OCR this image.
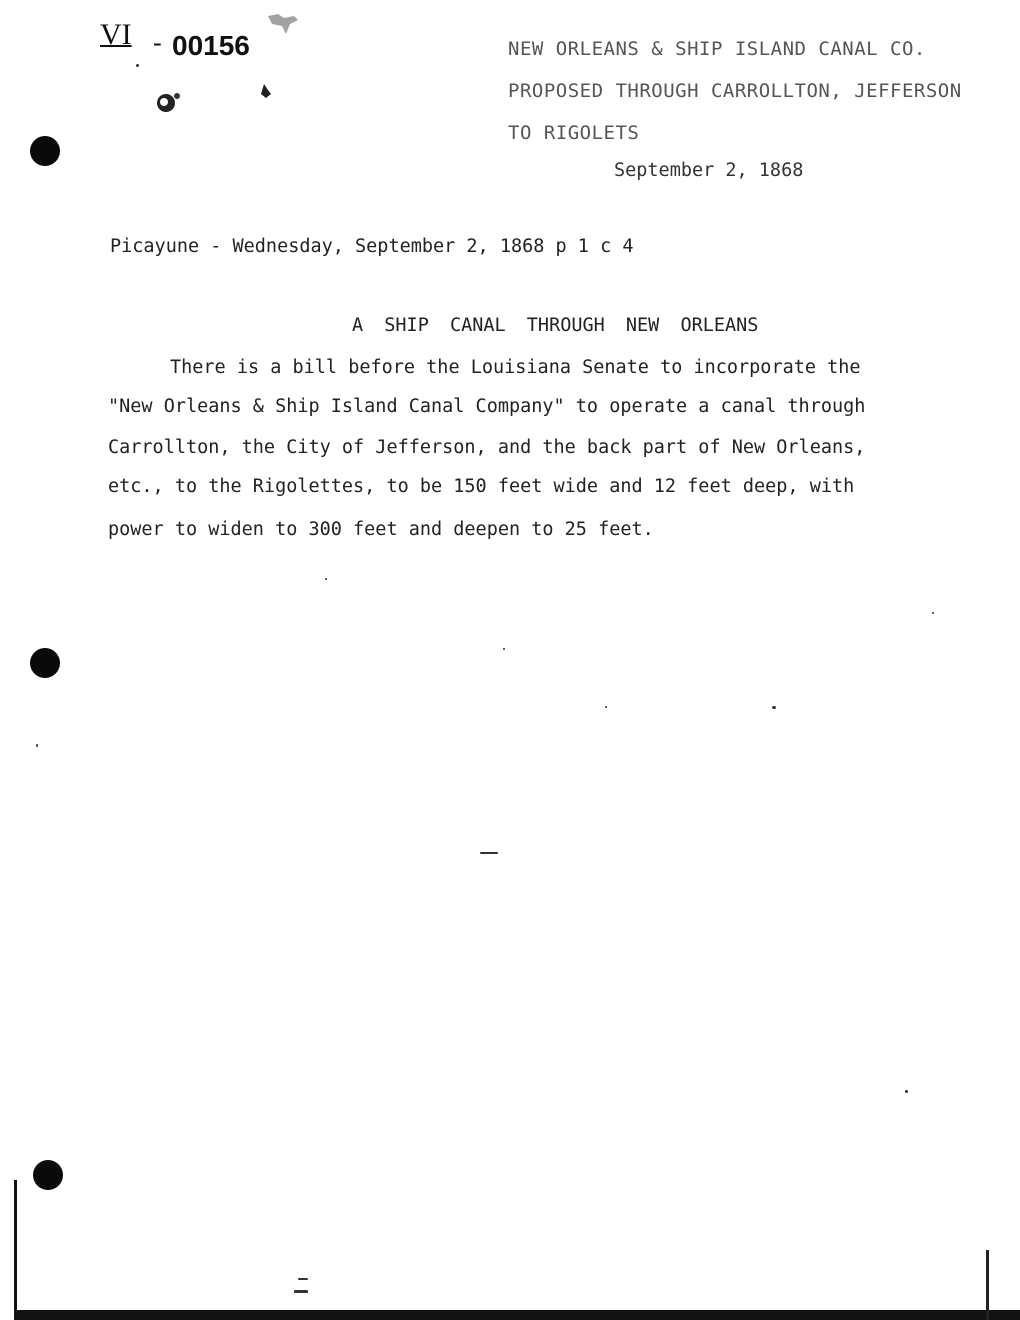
VI - 00156	NEW ORLEANS & SHIP ISLAND CANAL CO.
PROPOSED THROUGH CARROLLTON, JEFFERSON
TO RIGOLETS
September 2, 1868
Picayune - Wednesday, September 2, 1868 p 1 c 4
A SHIP CANAL THROUGH NEW ORLEANS
There is a bill before the Louisiana Senate to incorporate the
"New Orleans & Ship Island Canal Company" to operate a canal through
Carrollton, the City of Jefferson, and the back part of New Orleans,
etc., to the Rigolettes, to be 150 feet wide and 12 feet deep, with
power to widen to 300 feet and deepen to 25 feet.
